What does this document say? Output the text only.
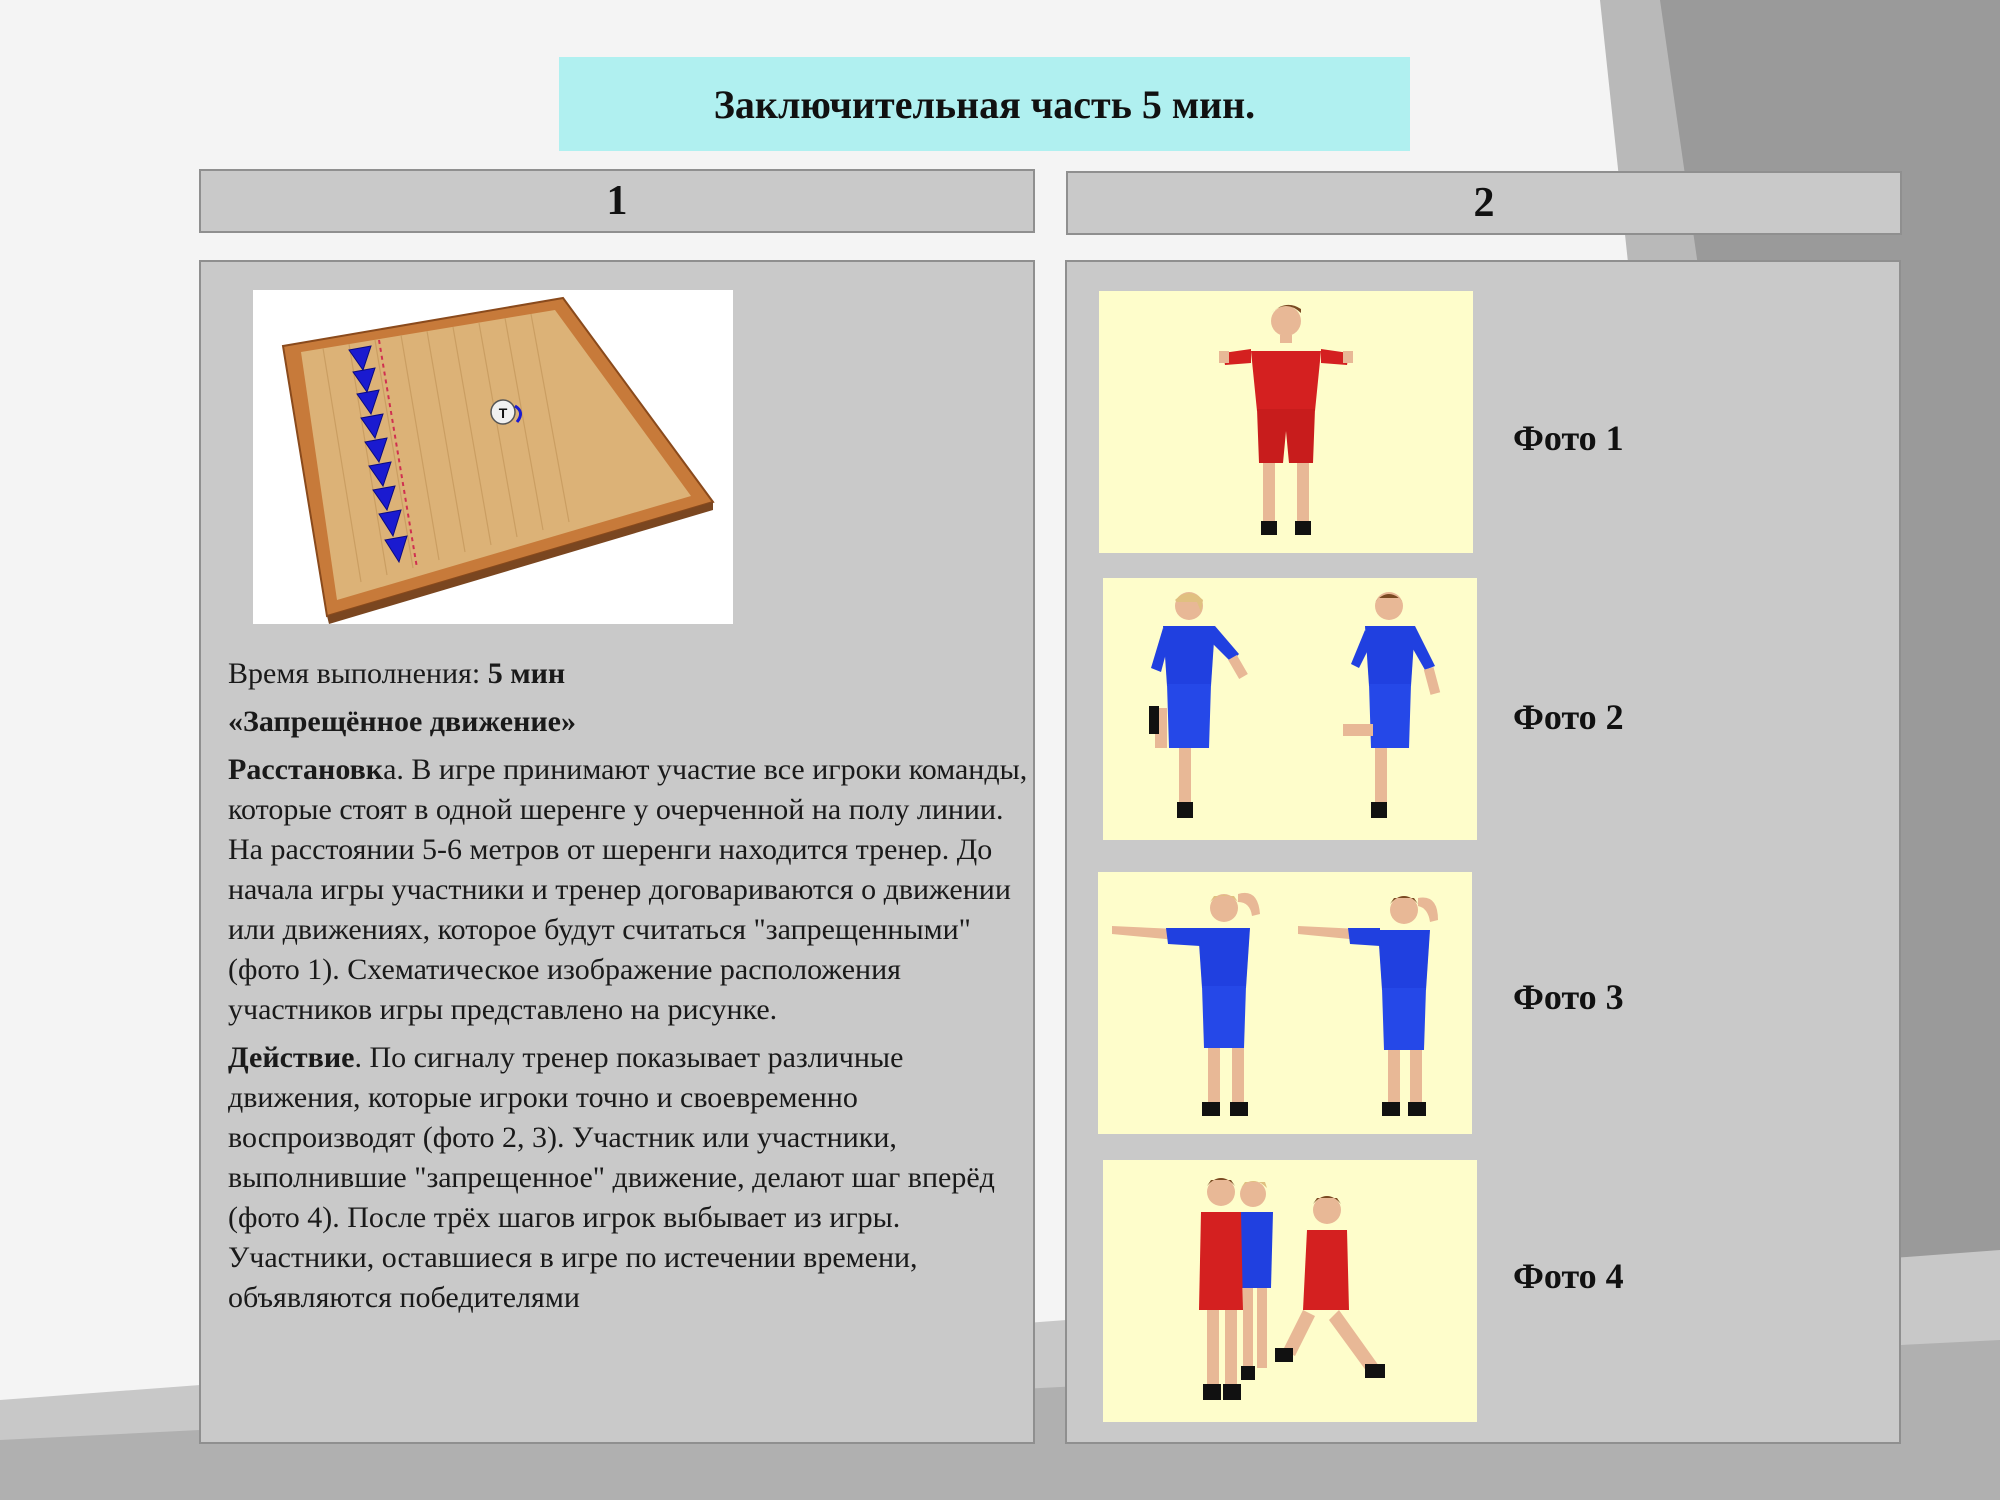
Заключительная часть 5 мин.
1	2
Т

Время выполнения: 5 мин

«Запрещённое движение»

Расстановка. В игре принимают участие все игроки команды, которые стоят в одной шеренге у очерченной на полу линии. На расстоянии 5-6 метров от шеренги находится тренер. До начала игры участники и тренер договариваются о движении или движениях, которое будут считаться "запрещенными" (фото 1). Схематическое изображение расположения участников игры представлено на рисунке.

Действие. По сигналу тренер показывает различные движения, которые игроки точно и своевременно воспроизводят (фото 2, 3). Участник или участники, выполнившие "запрещенное" движение, делают шаг вперёд (фото 4). После трёх шагов игрок выбывает из игры. Участники, оставшиеся в игре по истечении времени, объявляются победителями

Фото 1
Фото 2
Фото 3
Фото 4
